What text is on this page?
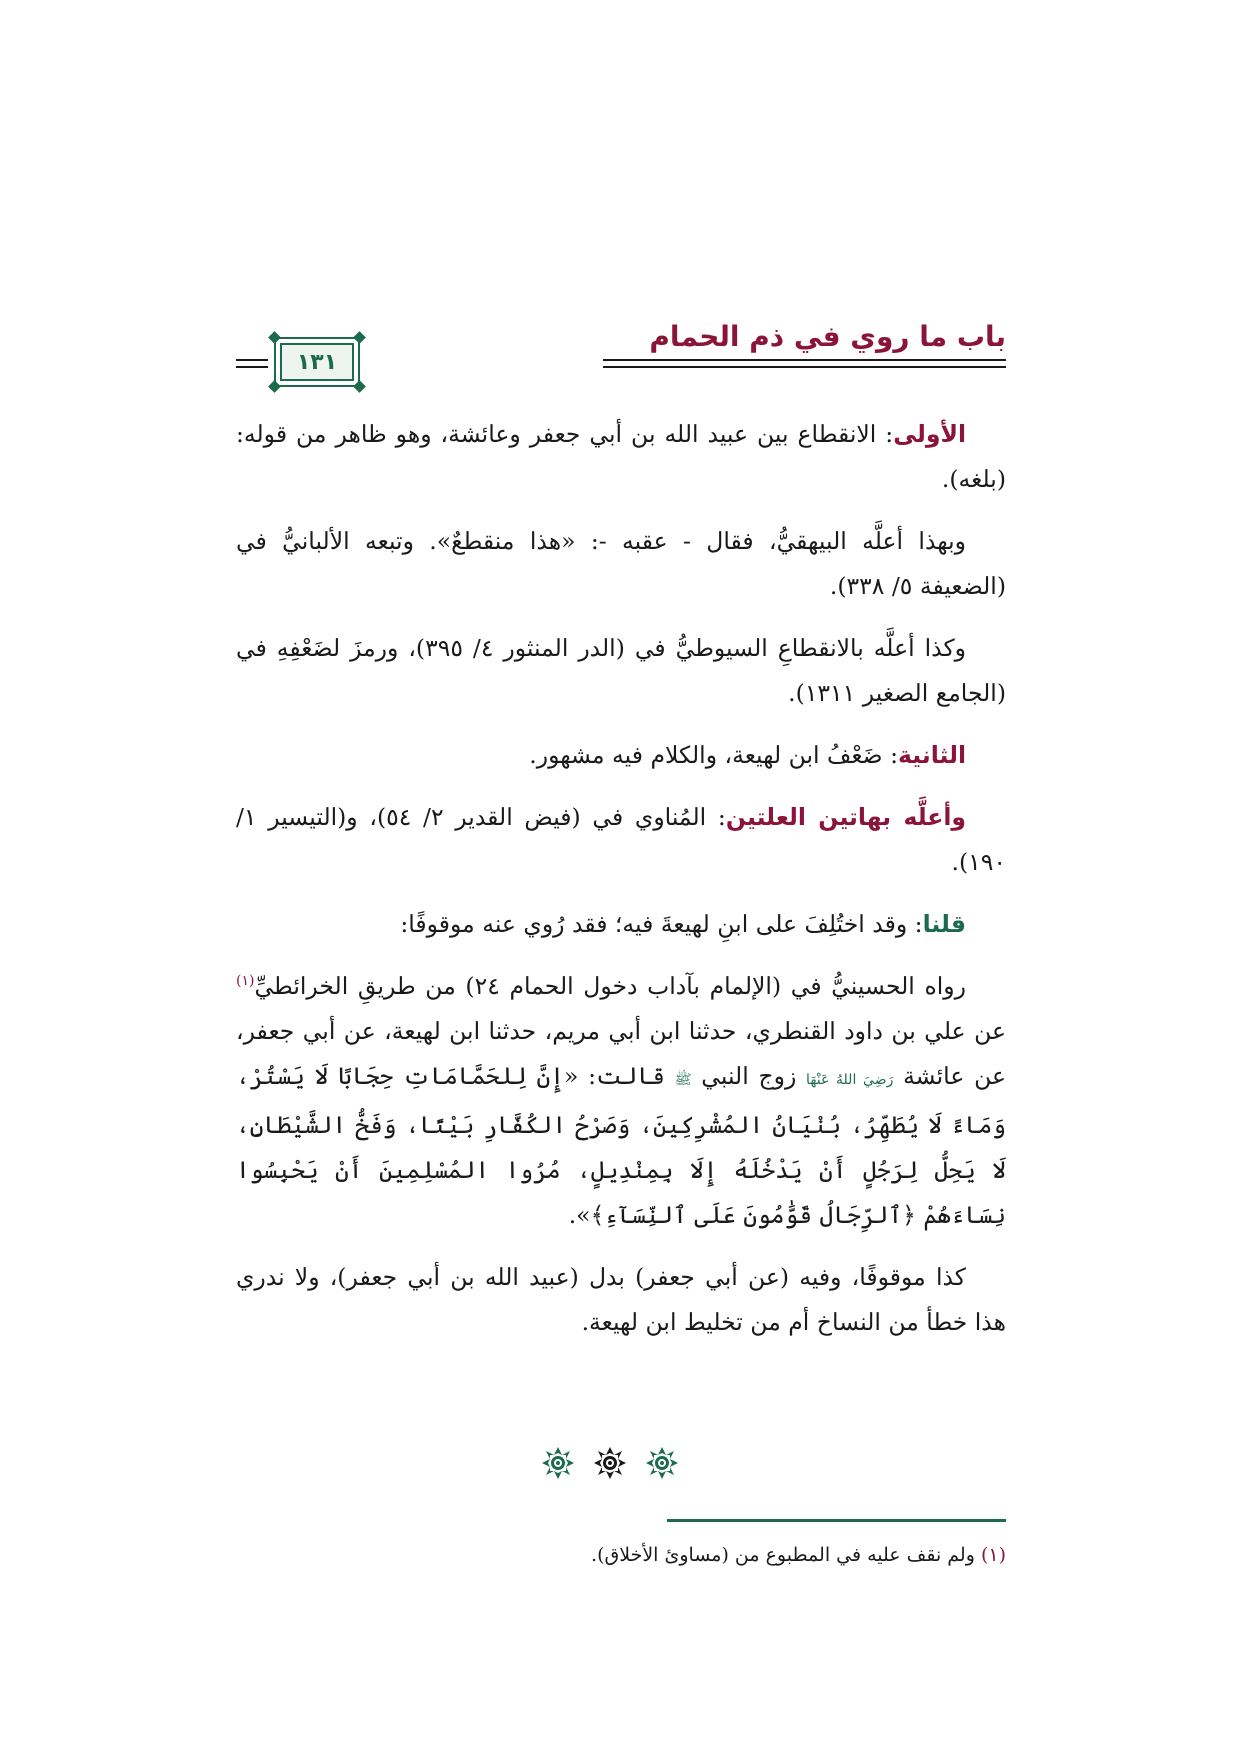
باب ما روي في ذم الحمام
١٣١

الأولى: الانقطاع بين عبيد الله بن أبي جعفر وعائشة، وهو ظاهر من قوله: (بلغه).

وبهذا أعلَّه البيهقيُّ، فقال - عقبه -: «هذا منقطعٌ». وتبعه الألبانيُّ في (الضعيفة ٥/ ٣٣٨).

وكذا أعلَّه بالانقطاعِ السيوطيُّ في (الدر المنثور ٤/ ٣٩٥)، ورمزَ لضَعْفِهِ في (الجامع الصغير ١٣١١).

الثانية: ضَعْفُ ابن لهيعة، والكلام فيه مشهور.

وأعلَّه بهاتين العلتين: المُناوي في (فيض القدير ٢/ ٥٤)، و(التيسير ١/ ١٩٠).

قلنا: وقد اختُلِفَ على ابنِ لهيعةَ فيه؛ فقد رُوي عنه موقوفًا:

رواه الحسينيُّ في (الإلمام بآداب دخول الحمام ٢٤) من طريقِ الخرائطيِّ$^{(١)}$ عن علي بن داود القنطري، حدثنا ابن أبي مريم، حدثنا ابن لهيعة، عن أبي جعفر، عن عائشة رَضِيَ اللهُ عَنْهَا زوج النبي ﷺ قالت: «إِنَّ لِلحَمَّامَاتِ حِجَابًا لَا يَسْتُرْ، وَمَاءً لَا يُطَهِّرُ، بُنْيَانُ المُشْرِكِينَ، وَصَرْحُ الكُفَّارِ بَيْتًا، وَفَخُّ الشَّيْطَانِ، لَا يَحِلُّ لِرَجُلٍ أَنْ يَدْخُلَهُ إِلَا بِمِنْدِيلٍ، مُرُوا المُسْلِمِينَ أَنْ يَحْبِسُوا نِسَاءَهُمْ ﴿ٱلرِّجَالُ قَوَّٰمُونَ عَلَى ٱلنِّسَآءِ﴾».

كذا موقوفًا، وفيه (عن أبي جعفر) بدل (عبيد الله بن أبي جعفر)، ولا ندري هذا خطأ من النساخ أم من تخليط ابن لهيعة.

(١) ولم نقف عليه في المطبوع من (مساوئ الأخلاق).
